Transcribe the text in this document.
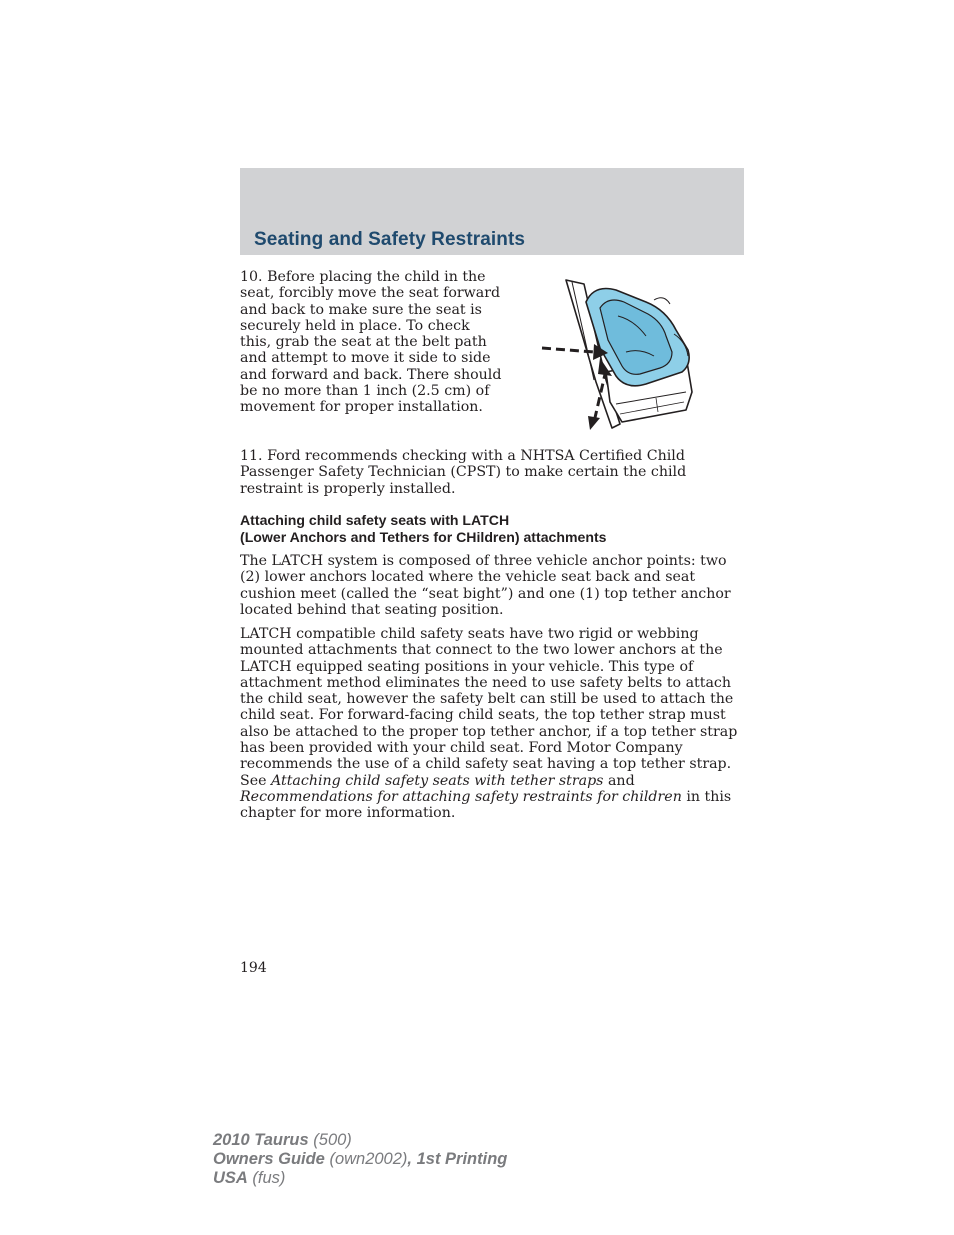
Seating and Safety Restraints

10. Before placing the child in the seat, forcibly move the seat forward and back to make sure the seat is securely held in place. To check this, grab the seat at the belt path and attempt to move it side to side and forward and back. There should be no more than 1 inch (2.5 cm) of movement for proper installation.

11. Ford recommends checking with a NHTSA Certified Child Passenger Safety Technician (CPST) to make certain the child restraint is properly installed.

Attaching child safety seats with LATCH
(Lower Anchors and Tethers for CHildren) attachments

The LATCH system is composed of three vehicle anchor points: two (2) lower anchors located where the vehicle seat back and seat cushion meet (called the “seat bight”) and one (1) top tether anchor located behind that seating position.

LATCH compatible child safety seats have two rigid or webbing mounted attachments that connect to the two lower anchors at the LATCH equipped seating positions in your vehicle. This type of attachment method eliminates the need to use safety belts to attach the child seat, however the safety belt can still be used to attach the child seat. For forward-facing child seats, the top tether strap must also be attached to the proper top tether anchor, if a top tether strap has been provided with your child seat. Ford Motor Company recommends the use of a child safety seat having a top tether strap. See Attaching child safety seats with tether straps and Recommendations for attaching safety restraints for children in this chapter for more information.

194
2010 Taurus (500)
Owners Guide (own2002), 1st Printing
USA (fus)
